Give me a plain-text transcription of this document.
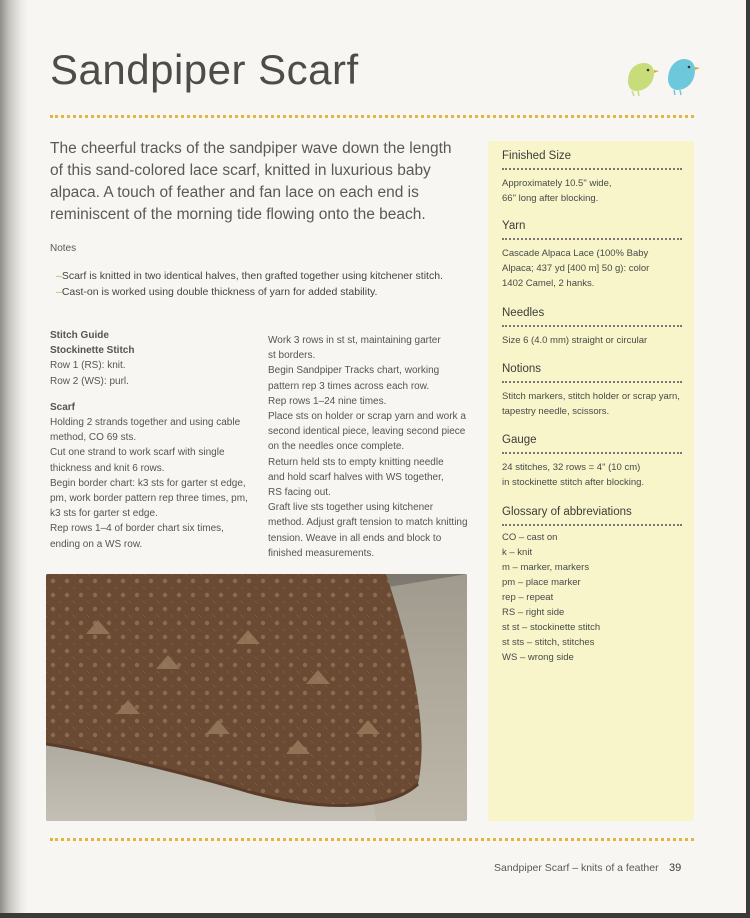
Sandpiper Scarf

The cheerful tracks of the sandpiper wave down the length of this sand-colored lace scarf, knitted in luxurious baby alpaca. A touch of feather and fan lace on each end is reminiscent of the morning tide flowing onto the beach.

Notes
– Scarf is knitted in two identical halves, then grafted together using kitchener stitch.
– Cast-on is worked using double thickness of yarn for added stability.
Stitch Guide
Stockinette Stitch
Row 1 (RS): knit.
Row 2 (WS): purl.
Scarf
Holding 2 strands together and using cable
method, CO 69 sts.
Cut one strand to work scarf with single
thickness and knit 6 rows.
Begin border chart: k3 sts for garter st edge,
pm, work border pattern rep three times, pm,
k3 sts for garter st edge.
Rep rows 1–4 of border chart six times,
ending on a WS row.
Work 3 rows in st st, maintaining garter
st borders.
Begin Sandpiper Tracks chart, working
pattern rep 3 times across each row.
Rep rows 1–24 nine times.
Place sts on holder or scrap yarn and work a
second identical piece, leaving second piece
on the needles once complete.
Return held sts to empty knitting needle
and hold scarf halves with WS together,
RS facing out.
Graft live sts together using kitchener
method. Adjust graft tension to match knitting
tension. Weave in all ends and block to
finished measurements.
Finished Size
Approximately 10.5" wide,
66" long after blocking.
Yarn
Cascade Alpaca Lace (100% Baby
Alpaca; 437 yd [400 m] 50 g): color
1402 Camel, 2 hanks.
Needles
Size 6 (4.0 mm) straight or circular
Notions
Stitch markers, stitch holder or scrap yarn,
tapestry needle, scissors.
Gauge
24 stitches, 32 rows = 4" (10 cm)
in stockinette stitch after blocking.
Glossary of abbreviations
CO – cast on
k – knit
m – marker, markers
pm – place marker
rep – repeat
RS – right side
st st – stockinette stitch
st sts – stitch, stitches
WS – wrong side
Sandpiper Scarf – knits of a feather 39
